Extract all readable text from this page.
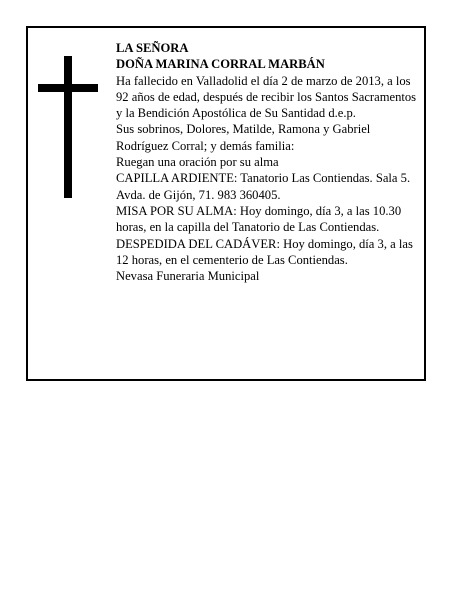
LA SEÑORA

DOÑA MARINA CORRAL MARBÁN

Ha fallecido en Valladolid el día 2 de marzo de 2013, a los 92 años de edad, después de recibir los Santos Sacramentos y la Bendición Apostólica de Su Santidad d.e.p.

Sus sobrinos, Dolores, Matilde, Ramona y Gabriel Rodríguez Corral; y demás familia:

Ruegan una oración por su alma

CAPILLA ARDIENTE: Tanatorio Las Contiendas. Sala 5. Avda. de Gijón, 71. 983 360405.

MISA POR SU ALMA: Hoy domingo, día 3, a las 10.30 horas, en la capilla del Tanatorio de Las Contiendas.

DESPEDIDA DEL CADÁVER: Hoy domingo, día 3, a las 12 horas, en el cementerio de Las Contiendas.

Nevasa Funeraria Municipal
